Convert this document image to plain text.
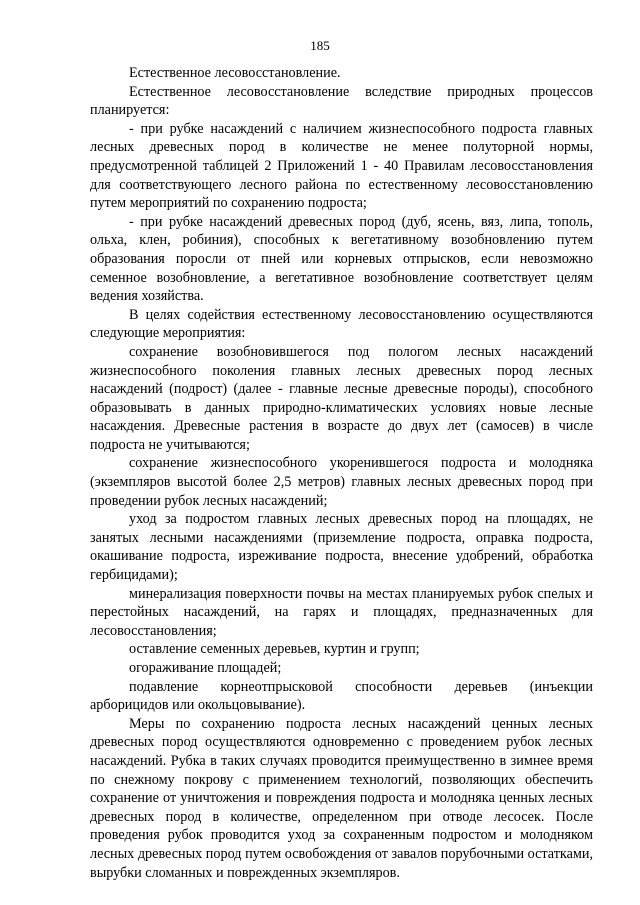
185

Естественное лесовосстановление.

Естественное лесовосстановление вследствие природных процессов планируется:

- при рубке насаждений с наличием жизнеспособного подроста главных лесных древесных пород в количестве не менее полуторной нормы, предусмотренной таблицей 2 Приложений 1 - 40 Правилам лесовосстановления для соответствующего лесного района по естественному лесовосстановлению путем мероприятий по сохранению подроста;

- при рубке насаждений древесных пород (дуб, ясень, вяз, липа, тополь, ольха, клен, робиния), способных к вегетативному возобновлению путем образования поросли от пней или корневых отпрысков, если невозможно семенное возобновление, а вегетативное возобновление соответствует целям ведения хозяйства.

В целях содействия естественному лесовосстановлению осуществляются следующие мероприятия:

сохранение возобновившегося под пологом лесных насаждений жизнеспособного поколения главных лесных древесных пород лесных насаждений (подрост) (далее - главные лесные древесные породы), способного образовывать в данных природно-климатических условиях новые лесные насаждения. Древесные растения в возрасте до двух лет (самосев) в числе подроста не учитываются;

сохранение жизнеспособного укоренившегося подроста и молодняка (экземпляров высотой более 2,5 метров) главных лесных древесных пород при проведении рубок лесных насаждений;

уход за подростом главных лесных древесных пород на площадях, не занятых лесными насаждениями (приземление подроста, оправка подроста, окашивание подроста, изреживание подроста, внесение удобрений, обработка гербицидами);

минерализация поверхности почвы на местах планируемых рубок спелых и перестойных насаждений, на гарях и площадях, предназначенных для лесовосстановления;

оставление семенных деревьев, куртин и групп;

огораживание площадей;

подавление корнеотпрысковой способности деревьев (инъекции арборицидов или окольцовывание).

Меры по сохранению подроста лесных насаждений ценных лесных древесных пород осуществляются одновременно с проведением рубок лесных насаждений. Рубка в таких случаях проводится преимущественно в зимнее время по снежному покрову с применением технологий, позволяющих обеспечить сохранение от уничтожения и повреждения подроста и молодняка ценных лесных древесных пород в количестве, определенном при отводе лесосек. После проведения рубок проводится уход за сохраненным подростом и молодняком лесных древесных пород путем освобождения от завалов порубочными остатками, вырубки сломанных и поврежденных экземпляров.
